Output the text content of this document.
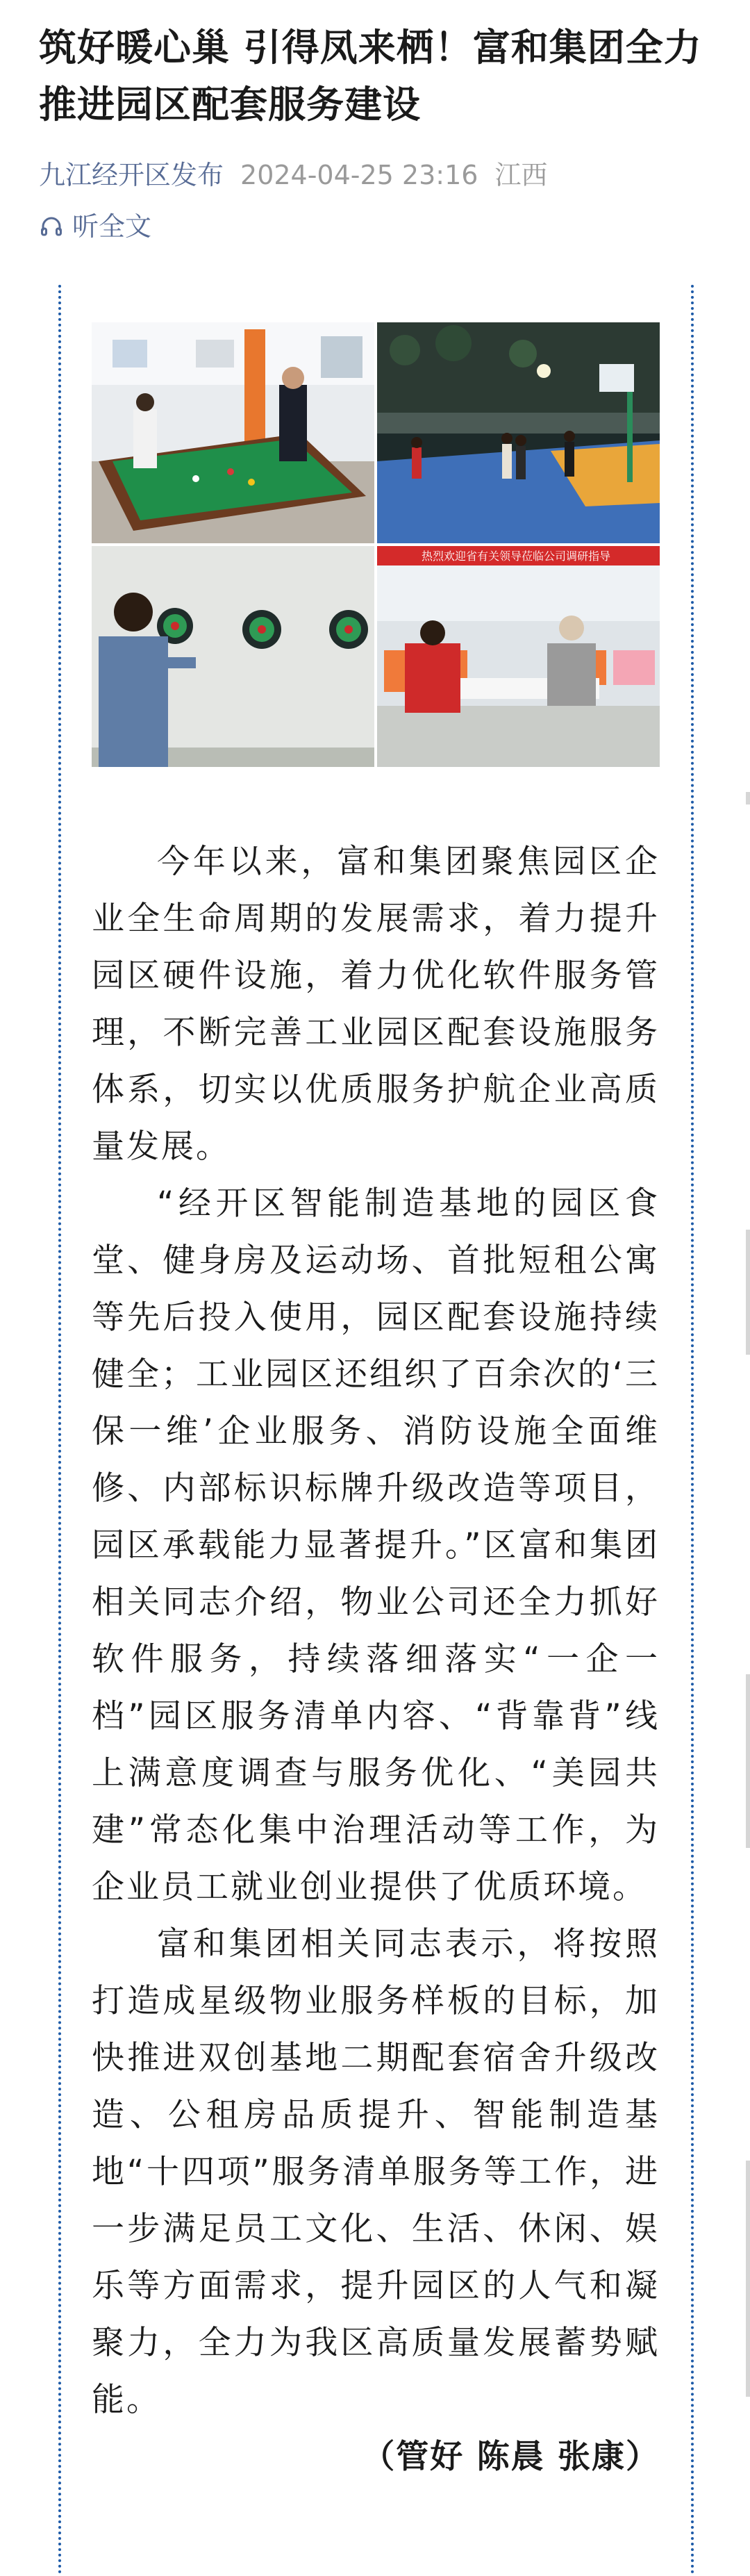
筑好暖心巢 引得凤来栖！富和集团全力推进园区配套服务建设
九江经开区发布 2024-04-25 23:16 江西
听全文
热烈欢迎省有关领导莅临公司调研指导

今年以来，富和集团聚焦园区企业全生命周期的发展需求，着力提升园区硬件设施，着力优化软件服务管理，不断完善工业园区配套设施服务体系，切实以优质服务护航企业高质量发展。

“经开区智能制造基地的园区食堂、健身房及运动场、首批短租公寓等先后投入使用，园区配套设施持续健全；工业园区还组织了百余次的‘三保一维’企业服务、消防设施全面维修、内部标识标牌升级改造等项目，园区承载能力显著提升。”区富和集团相关同志介绍，物业公司还全力抓好软件服务，持续落细落实“一企一档”园区服务清单内容、“背靠背”线上满意度调查与服务优化、“美园共建”常态化集中治理活动等工作，为企业员工就业创业提供了优质环境。

富和集团相关同志表示，将按照打造成星级物业服务样板的目标，加快推进双创基地二期配套宿舍升级改造、公租房品质提升、智能制造基地“十四项”服务清单服务等工作，进一步满足员工文化、生活、休闲、娱乐等方面需求，提升园区的人气和凝聚力，全力为我区高质量发展蓄势赋能。

（管好 陈晨 张康）
